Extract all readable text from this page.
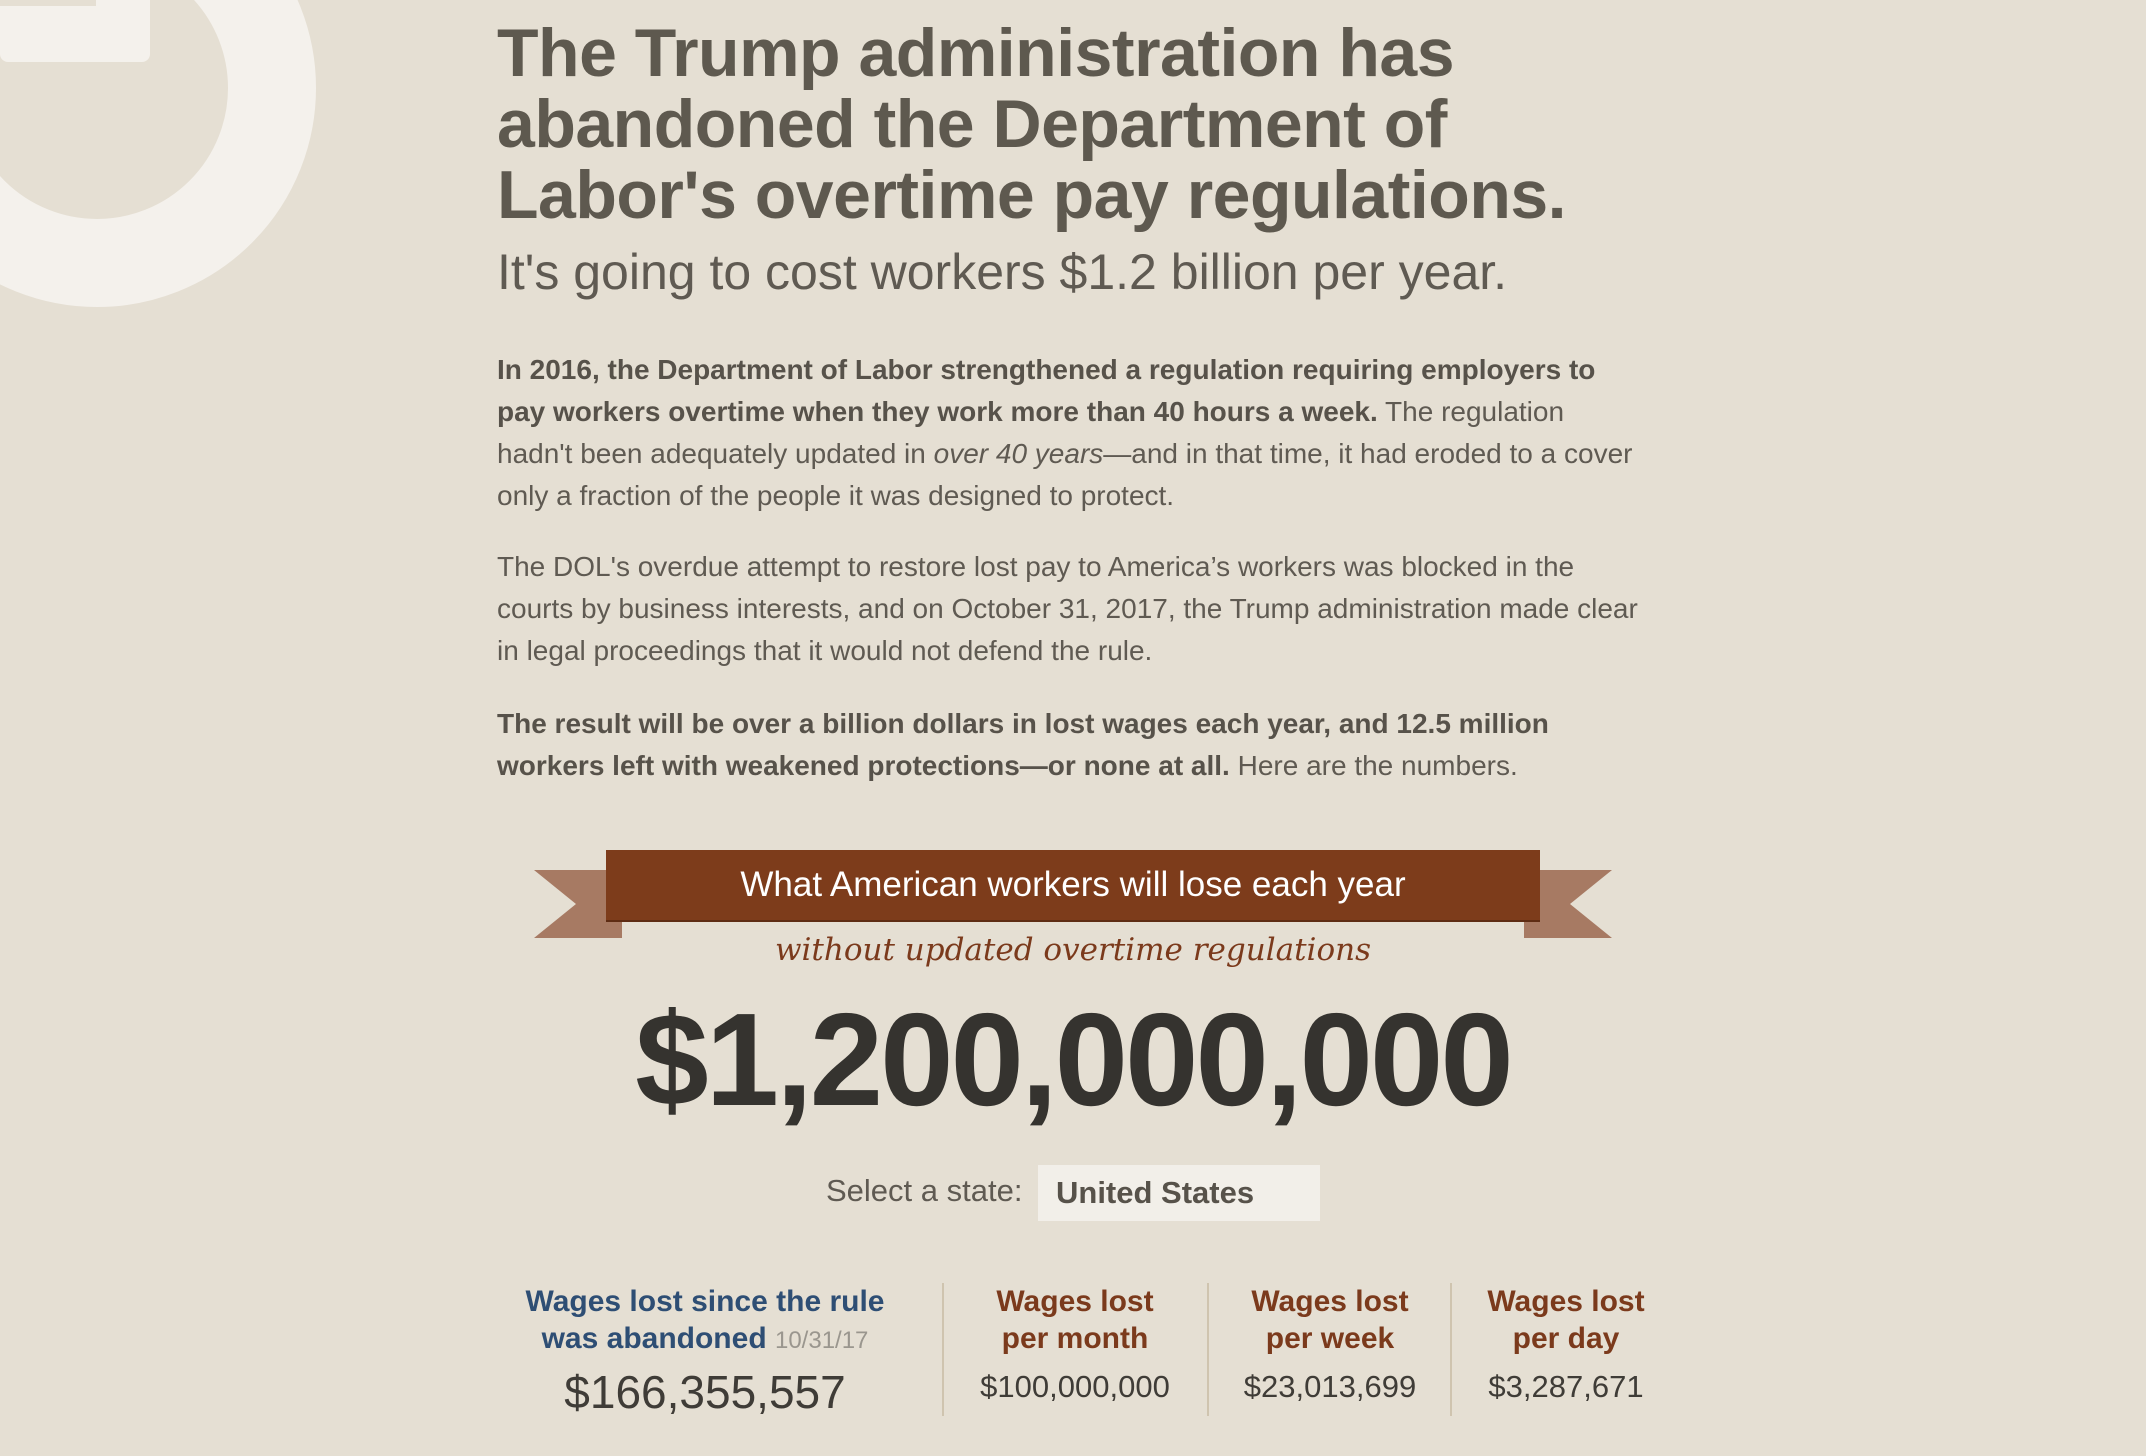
The Trump administration has abandoned the Department of Labor's overtime pay regulations.
It's going to cost workers $1.2 billion per year.

In 2016, the Department of Labor strengthened a regulation requiring employers to pay workers overtime when they work more than 40 hours a week. The regulation hadn't been adequately updated in over 40 years—and in that time, it had eroded to a cover only a fraction of the people it was designed to protect.

The DOL's overdue attempt to restore lost pay to America’s workers was blocked in the courts by business interests, and on October 31, 2017, the Trump administration made clear in legal proceedings that it would not defend the rule.

The result will be over a billion dollars in lost wages each year, and 12.5 million workers left with weakened protections—or none at all. Here are the numbers.

What American workers will lose each year
without updated overtime regulations
$1,200,000,000
Select a state:	United States
Wages lost since the rule
was abandoned 10/31/17
$166,355,557
Wages lost
per month
$100,000,000
Wages lost
per week
$23,013,699
Wages lost
per day
$3,287,671
